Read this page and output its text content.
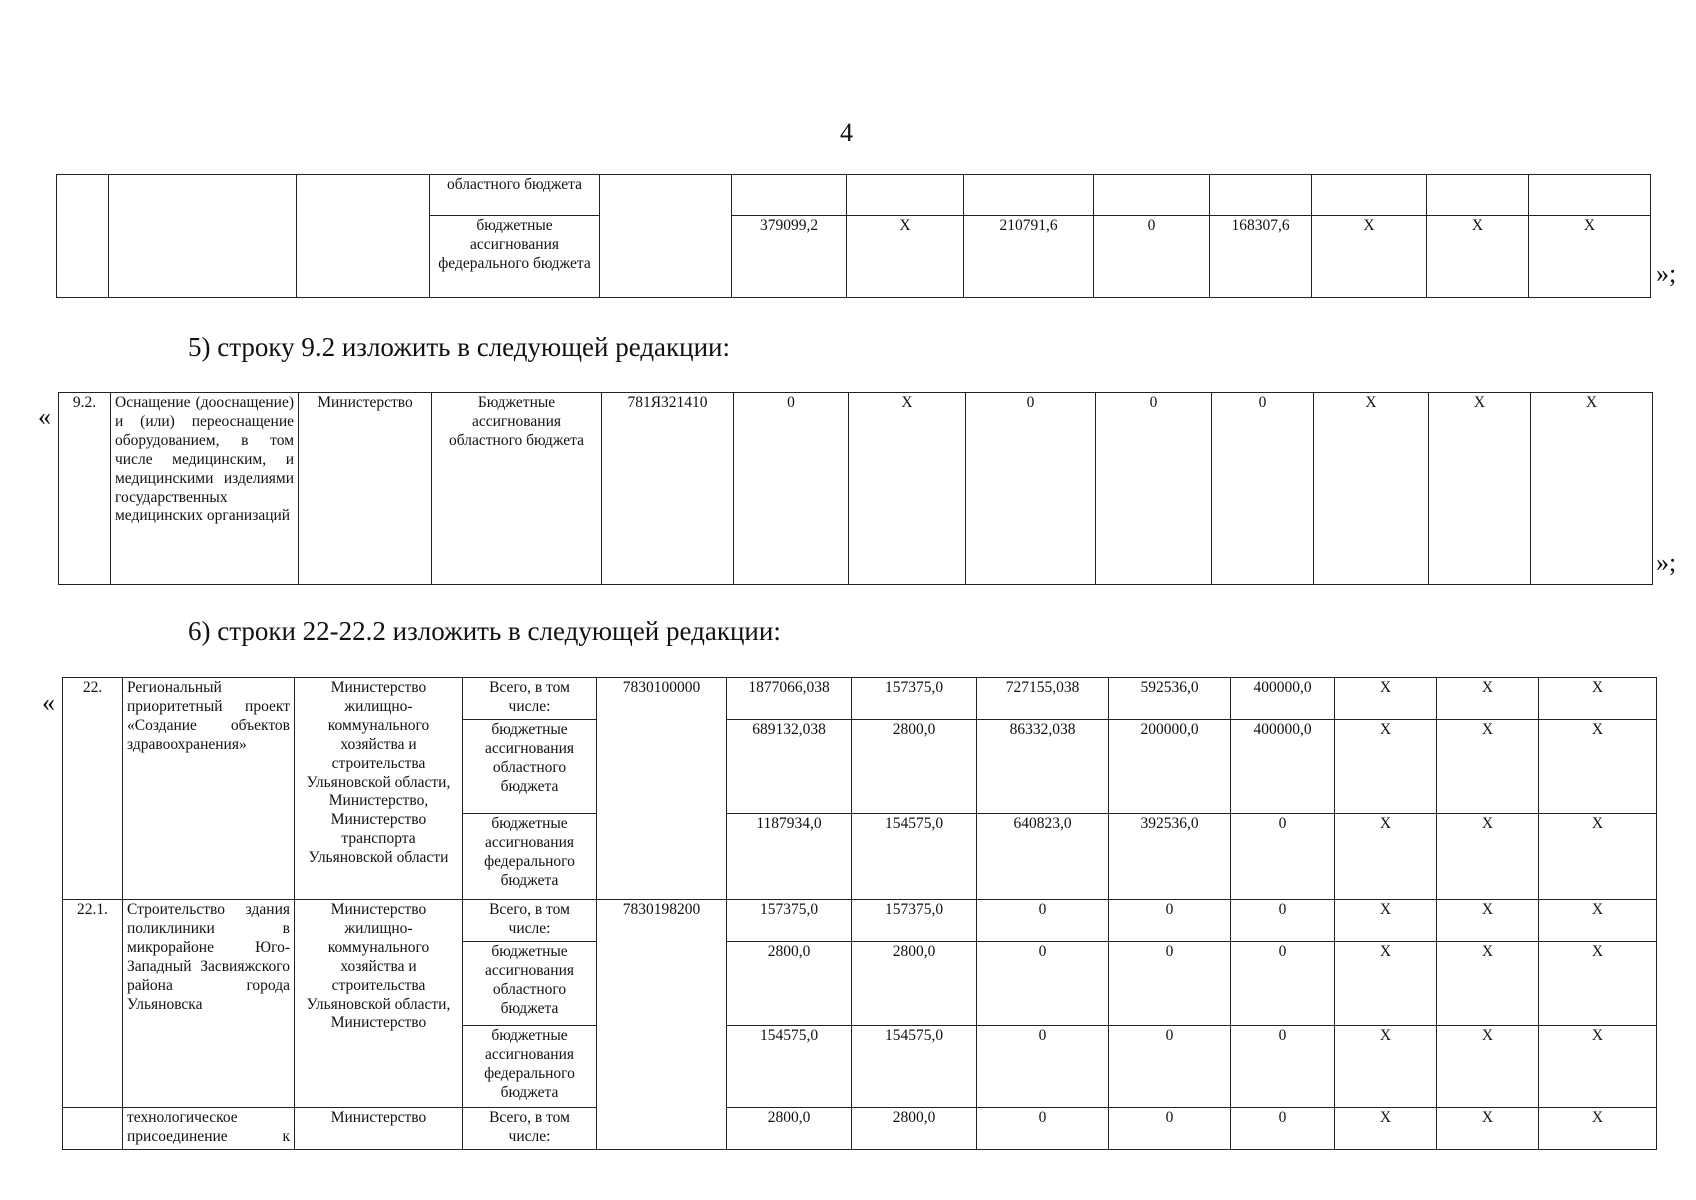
4
			областного бюджета									
			бюджетные ассигнования федерального бюджета		379099,2	X	210791,6	0	168307,6	X	X	X
»;
5) строку 9.2 изложить в следующей редакции:
« 9.2.	Оснащение (дооснащение) и (или) переоснащение оборудованием, в том числе медицинским, и медицинскими изделиями государственных медицинских организаций	Министерство	Бюджетные ассигнования областного бюджета	781Я321410	0	X	0	0	0	X	X	X
»;
6) строки 22-22.2 изложить в следующей редакции:
«
22.	Региональный приоритетный проект «Создание объектов здравоохранения»	Министерство жилищно-коммунального хозяйства и строительства Ульяновской области, Министерство, Министерство транспорта Ульяновской области	Всего, в том числе:	7830100000	1877066,038	157375,0	727155,038	592536,0	400000,0	X	X	X
			бюджетные ассигнования областного бюджета		689132,038	2800,0	86332,038	200000,0	400000,0	X	X	X
			бюджетные ассигнования федерального бюджета		1187934,0	154575,0	640823,0	392536,0	0	X	X	X
22.1.	Строительство здания поликлиники в микрорайоне Юго-Западный Засвияжского района города Ульяновска	Министерство жилищно-коммунального хозяйства и строительства Ульяновской области, Министерство	Всего, в том числе:	7830198200	157375,0	157375,0	0	0	0	X	X	X
			бюджетные ассигнования областного бюджета		2800,0	2800,0	0	0	0	X	X	X
			бюджетные ассигнования федерального бюджета		154575,0	154575,0	0	0	0	X	X	X
	технологическое присоединение к	Министерство	Всего, в том числе:		2800,0	2800,0	0	0	0	X	X	X
